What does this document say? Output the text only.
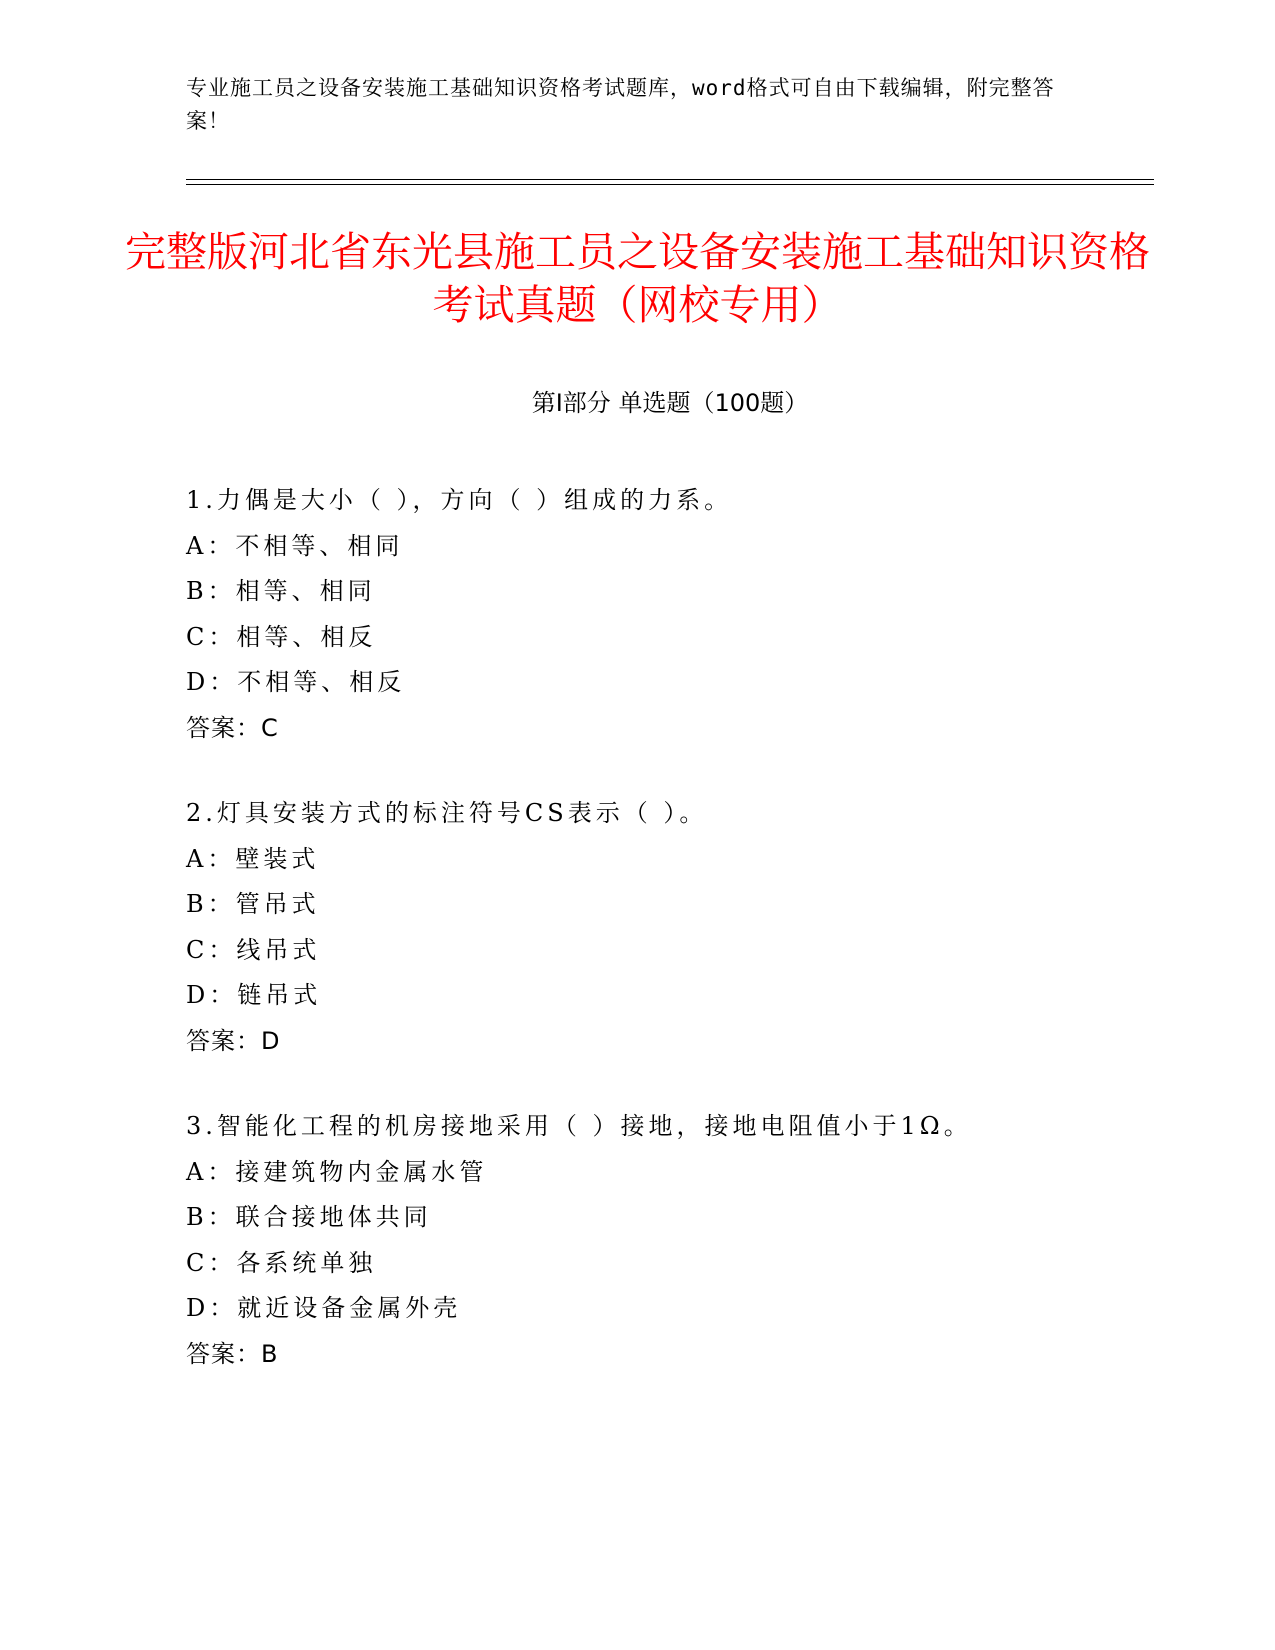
专业施工员之设备安装施工基础知识资格考试题库，word格式可自由下载编辑，附完整答案！
完整版河北省东光县施工员之设备安装施工基础知识资格考试真题（网校专用）
第I部分 单选题（100题）
1.力偶是大小（ ），方向（ ）组成的力系。
A：不相等、相同
B：相等、相同
C：相等、相反
D：不相等、相反
答案：C
2.灯具安装方式的标注符号CS表示（ ）。
A：壁装式
B：管吊式
C：线吊式
D：链吊式
答案：D
3.智能化工程的机房接地采用（ ）接地，接地电阻值小于1Ω。
A：接建筑物内金属水管
B：联合接地体共同
C：各系统单独
D：就近设备金属外壳
答案：B
